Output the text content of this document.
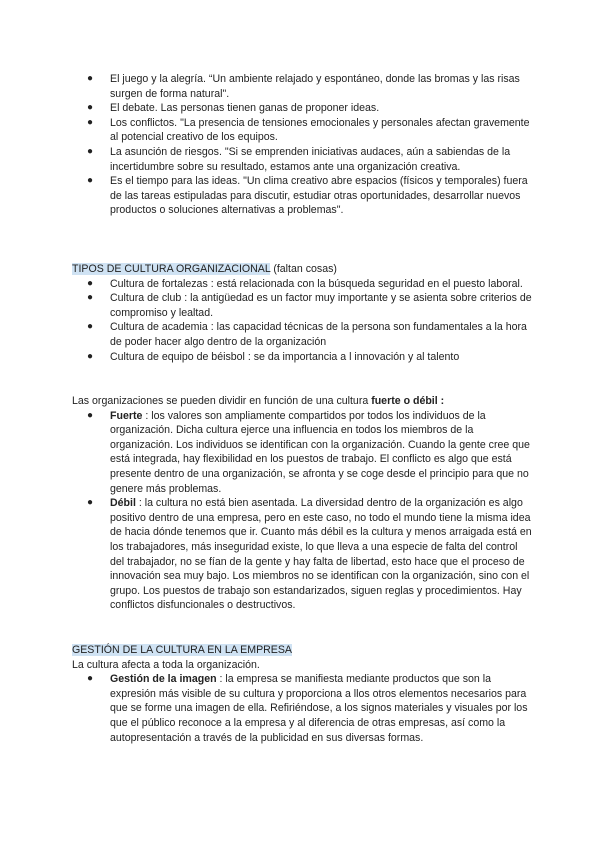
● El juego y la alegría. “Un ambiente relajado y espontáneo, donde las bromas y las risas surgen de forma natural".
● El debate. Las personas tienen ganas de proponer ideas.
● Los conflictos. "La presencia de tensiones emocionales y personales afectan gravemente al potencial creativo de los equipos.
● La asunción de riesgos. "Si se emprenden iniciativas audaces, aún a sabiendas de la incertidumbre sobre su resultado, estamos ante una organización creativa.
● Es el tiempo para las ideas. "Un clima creativo abre espacios (físicos y temporales) fuera de las tareas estipuladas para discutir, estudiar otras oportunidades, desarrollar nuevos productos o soluciones alternativas a problemas".

TIPOS DE CULTURA ORGANIZACIONAL (faltan cosas)

● Cultura de fortalezas : está relacionada con la búsqueda seguridad en el puesto laboral.
● Cultura de club : la antigüedad es un factor muy importante y se asienta sobre criterios de compromiso y lealtad.
● Cultura de academia : las capacidad técnicas de la persona son fundamentales a la hora de poder hacer algo dentro de la organización
● Cultura de equipo de béisbol : se da importancia a l innovación y al talento

Las organizaciones se pueden dividir en función de una cultura fuerte o débil :

● Fuerte : los valores son ampliamente compartidos por todos los individuos de la organización. Dicha cultura ejerce una influencia en todos los miembros de la organización. Los individuos se identifican con la organización. Cuando la gente cree que está integrada, hay flexibilidad en los puestos de trabajo. El conflicto es algo que está presente dentro de una organización, se afronta y se coge desde el principio para que no genere más problemas.
● Débil : la cultura no está bien asentada. La diversidad dentro de la organización es algo positivo dentro de una empresa, pero en este caso, no todo el mundo tiene la misma idea de hacia dónde tenemos que ir. Cuanto más débil es la cultura y menos arraigada está en los trabajadores, más inseguridad existe, lo que lleva a una especie de falta del control del trabajador, no se fían de la gente y hay falta de libertad, esto hace que el proceso de innovación sea muy bajo. Los miembros no se identifican con la organización, sino con el grupo. Los puestos de trabajo son estandarizados, siguen reglas y procedimientos. Hay conflictos disfuncionales o destructivos.

GESTIÓN DE LA CULTURA EN LA EMPRESA

La cultura afecta a toda la organización.

● Gestión de la imagen : la empresa se manifiesta mediante productos que son la expresión más visible de su cultura y proporciona a llos otros elementos necesarios para que se forme una imagen de ella. Refiriéndose, a los signos materiales y visuales por los que el público reconoce a la empresa y al diferencia de otras empresas, así como la autopresentación a través de la publicidad en sus diversas formas.
